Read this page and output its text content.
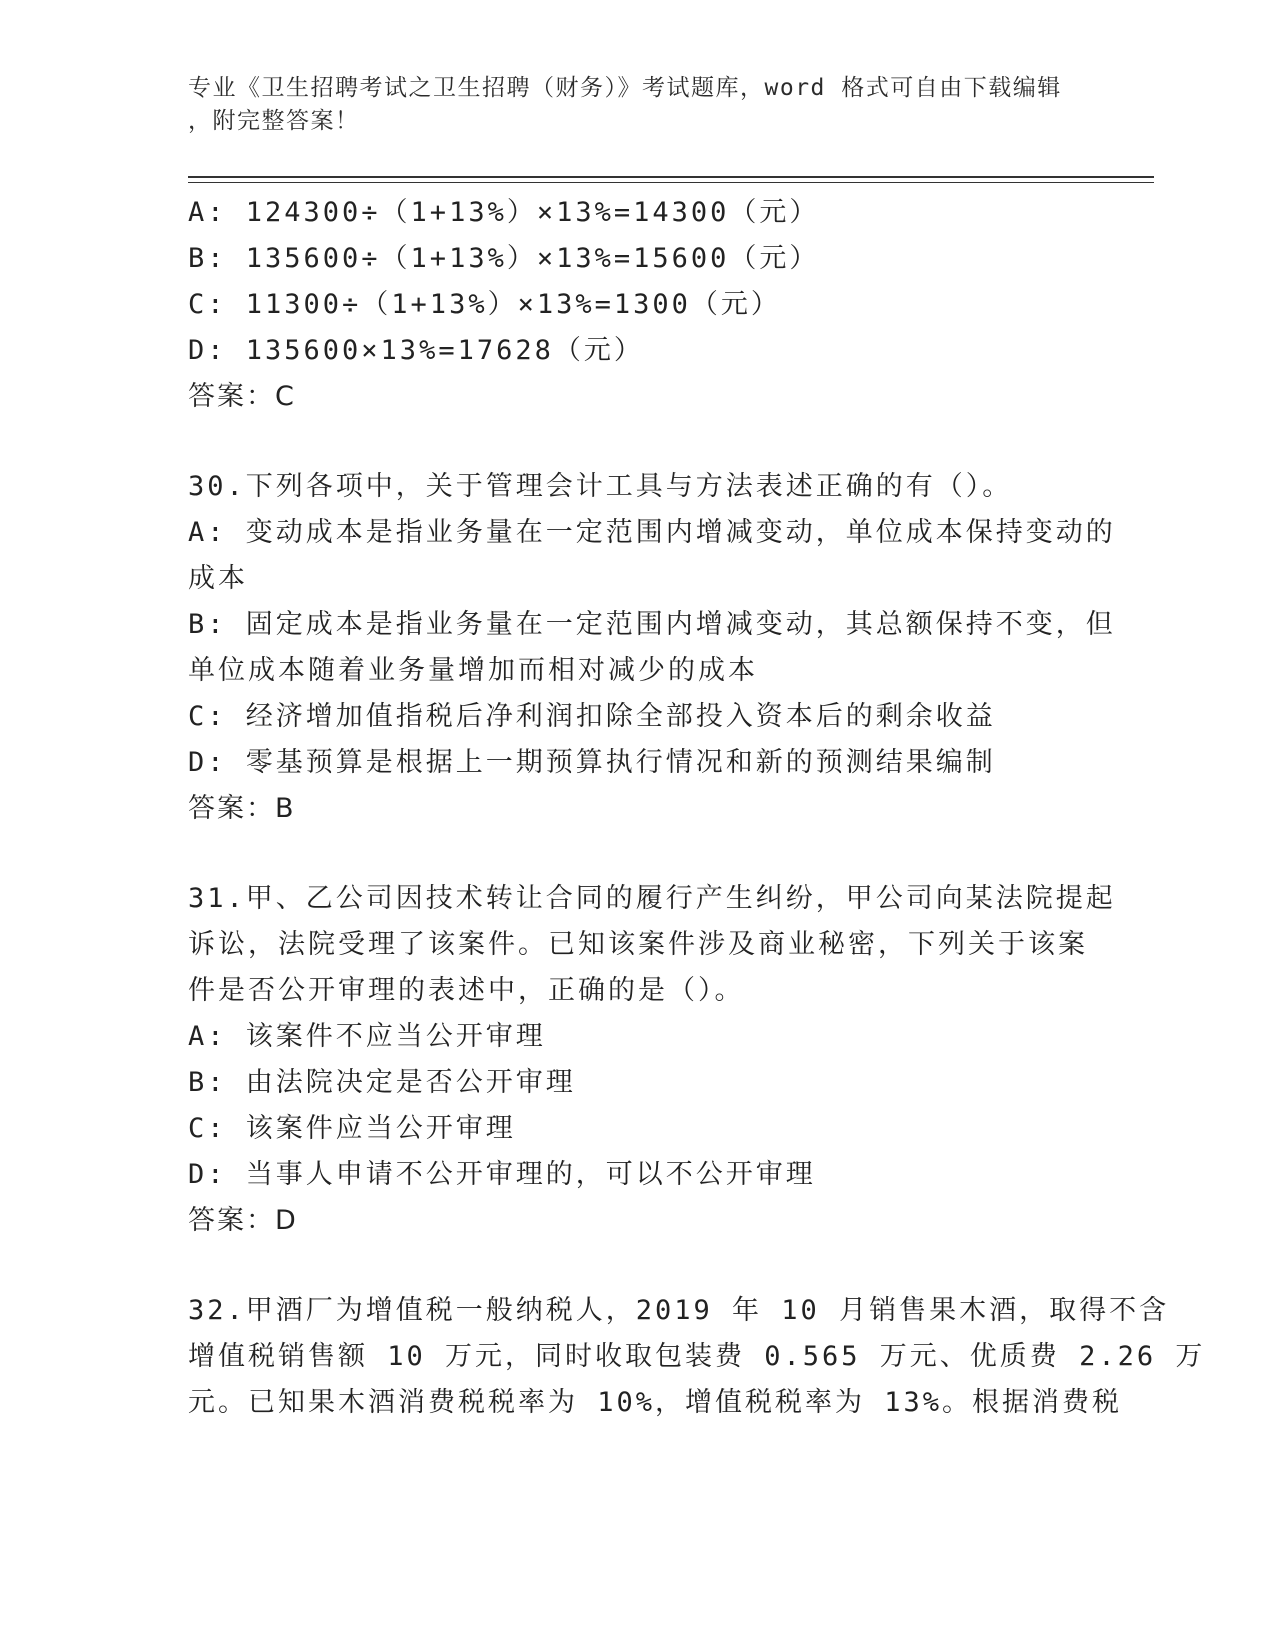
专业《卫生招聘考试之卫生招聘（财务）》考试题库，word 格式可自由下载编辑
，附完整答案！
A: 124300÷（1+13%）×13%=14300（元）
B: 135600÷（1+13%）×13%=15600（元）
C: 11300÷（1+13%）×13%=1300（元）
D: 135600×13%=17628（元）
答案：C
30.下列各项中，关于管理会计工具与方法表述正确的有（）。
A: 变动成本是指业务量在一定范围内增减变动，单位成本保持变动的
成本
B: 固定成本是指业务量在一定范围内增减变动，其总额保持不变，但
单位成本随着业务量增加而相对减少的成本
C: 经济增加值指税后净利润扣除全部投入资本后的剩余收益
D: 零基预算是根据上一期预算执行情况和新的预测结果编制
答案：B
31.甲、乙公司因技术转让合同的履行产生纠纷，甲公司向某法院提起
诉讼，法院受理了该案件。已知该案件涉及商业秘密，下列关于该案
件是否公开审理的表述中，正确的是（）。
A: 该案件不应当公开审理
B: 由法院决定是否公开审理
C: 该案件应当公开审理
D: 当事人申请不公开审理的，可以不公开审理
答案：D
32.甲酒厂为增值税一般纳税人，2019 年 10 月销售果木酒，取得不含
增值税销售额 10 万元，同时收取包装费 0.565 万元、优质费 2.26 万
元。已知果木酒消费税税率为 10%，增值税税率为 13%。根据消费税
